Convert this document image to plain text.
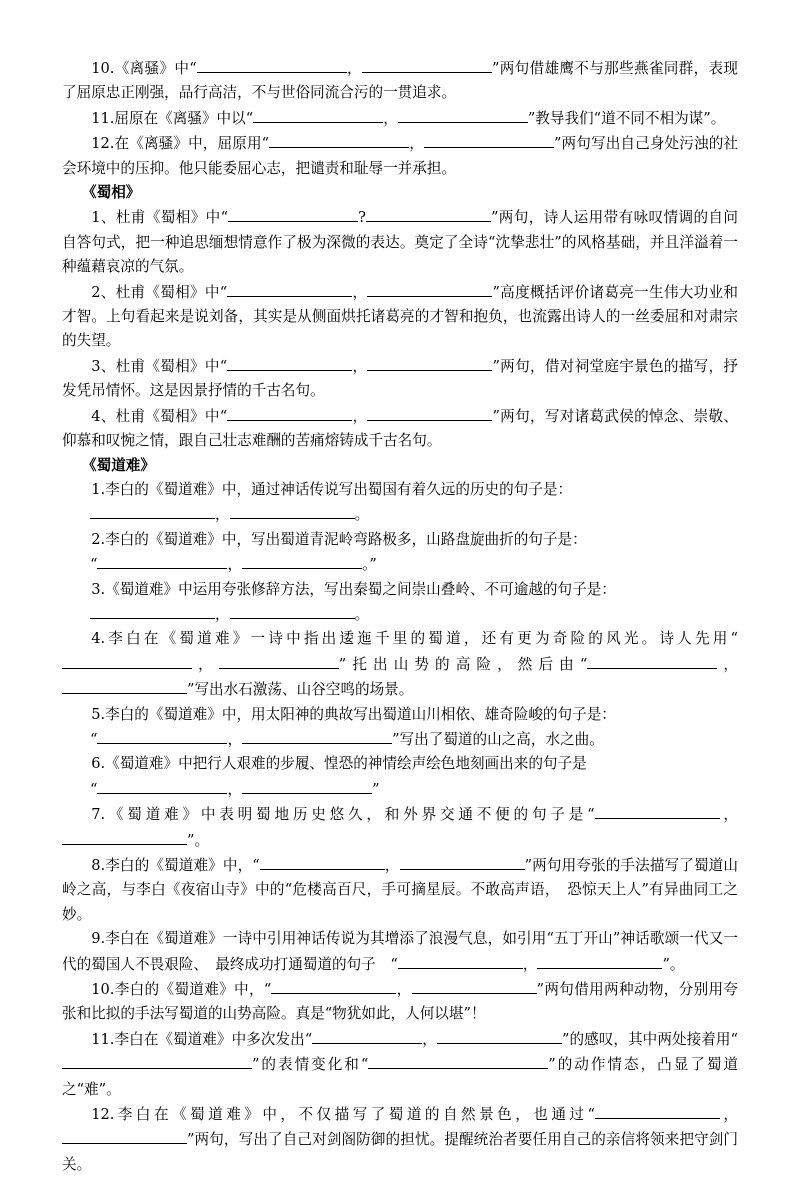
10.《离骚》中“	，	”两句借雄鹰不与那些燕雀同群，表现了屈原忠正刚强，品行高洁，不与世俗同流合污的一贯追求。

11.屈原在《离骚》中以“	，	”教导我们“道不同不相为谋”。

12.在《离骚》中，屈原用“	，	”两句写出自己身处污浊的社会环境中的压抑。他只能委屈心志，把谴责和耻辱一并承担。

《蜀相》

1、杜甫《蜀相》中“	?	”两句，诗人运用带有咏叹情调的自问自答句式，把一种追思缅想情意作了极为深微的表达。奠定了全诗“沈挚悲壮”的风格基础，并且洋溢着一种蕴藉哀凉的气氛。

2、杜甫《蜀相》中“	，	”高度概括评价诸葛亮一生伟大功业和才智。上句看起来是说刘备，其实是从侧面烘托诸葛亮的才智和抱负，也流露出诗人的一丝委屈和对肃宗的失望。

3、杜甫《蜀相》中“	，	”两句，借对祠堂庭宇景色的描写，抒发凭吊情怀。这是因景抒情的千古名句。

4、杜甫《蜀相》中“	，	”两句，写对诸葛武侯的悼念、崇敬、仰慕和叹惋之情，跟自己壮志难酬的苦痛熔铸成千古名句。

《蜀道难》

1.李白的《蜀道难》中，通过神话传说写出蜀国有着久远的历史的句子是：

，	。

2.李白的《蜀道难》中，写出蜀道青泥岭弯路极多，山路盘旋曲折的句子是：

“	，	。”

3.《蜀道难》中运用夸张修辞方法，写出秦蜀之间崇山叠岭、不可逾越的句子是：

，	。

4.李白在《蜀道难》一诗中指出逶迤千里的蜀道，还有更为奇险的风光。诗人先用“，	”托出山势的高险，然后由“	，”写出水石激荡、山谷空鸣的场景。

5.李白的《蜀道难》中，用太阳神的典故写出蜀道山川相依、雄奇险峻的句子是：

“	，	”写出了蜀道的山之高，水之曲。

6.《蜀道难》中把行人艰难的步履、惶恐的神情绘声绘色地刻画出来的句子是

“	，	”

7.《蜀道难》中表明蜀地历史悠久，和外界交通不便的句子是“	，”。

8.李白的《蜀道难》中，“	，	”两句用夸张的手法描写了蜀道山岭之高，与李白《夜宿山寺》中的“危楼高百尺，手可摘星辰。不敢高声语，　恐惊天上人”有异曲同工之妙。

9.李白在《蜀道难》一诗中引用神话传说为其增添了浪漫气息，如引用“五丁开山”神话歌颂一代又一代的蜀国人不畏艰险、　最终成功打通蜀道的句子　“	，	”。

10.李白的《蜀道难》中，“	，	”两句借用两种动物，分别用夸张和比拟的手法写蜀道的山势高险。真是“物犹如此，人何以堪”！

11.李白在《蜀道难》中多次发出“	，	”的感叹，其中两处接着用“”的表情变化和“	”的动作情态，凸显了蜀道之“难”。

12.李白在《蜀道难》中，不仅描写了蜀道的自然景色，也通过“	，”两句，写出了自己对剑阁防御的担忧。提醒统治者要任用自己的亲信将领来把守剑门关。
